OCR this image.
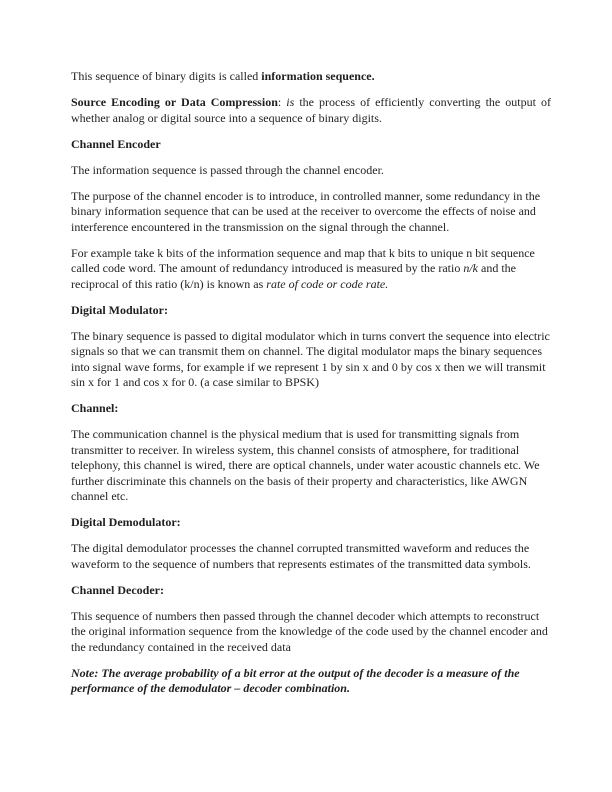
This sequence of binary digits is called information sequence.

Source Encoding or Data Compression: is the process of efficiently converting the output of whether analog or digital source into a sequence of binary digits.

Channel Encoder

The information sequence is passed through the channel encoder.

The purpose of the channel encoder is to introduce, in controlled manner, some redundancy in the binary information sequence that can be used at the receiver to overcome the effects of noise and interference encountered in the transmission on the signal through the channel.

For example take k bits of the information sequence and map that k bits to unique n bit sequence called code word. The amount of redundancy introduced is measured by the ratio n/k and the reciprocal of this ratio (k/n) is known as rate of code or code rate.

Digital Modulator:

The binary sequence is passed to digital modulator which in turns convert the sequence into electric signals so that we can transmit them on channel. The digital modulator maps the binary sequences into signal wave forms, for example if we represent 1 by sin x and 0 by cos x then we will transmit sin x for 1 and cos x for 0. (a case similar to BPSK)

Channel:

The communication channel is the physical medium that is used for transmitting signals from transmitter to receiver. In wireless system, this channel consists of atmosphere, for traditional telephony, this channel is wired, there are optical channels, under water acoustic channels etc. We further discriminate this channels on the basis of their property and characteristics, like AWGN channel etc.

Digital Demodulator:

The digital demodulator processes the channel corrupted transmitted waveform and reduces the waveform to the sequence of numbers that represents estimates of the transmitted data symbols.

Channel Decoder:

This sequence of numbers then passed through the channel decoder which attempts to reconstruct the original information sequence from the knowledge of the code used by the channel encoder and the redundancy contained in the received data

Note: The average probability of a bit error at the output of the decoder is a measure of the performance of the demodulator – decoder combination.
